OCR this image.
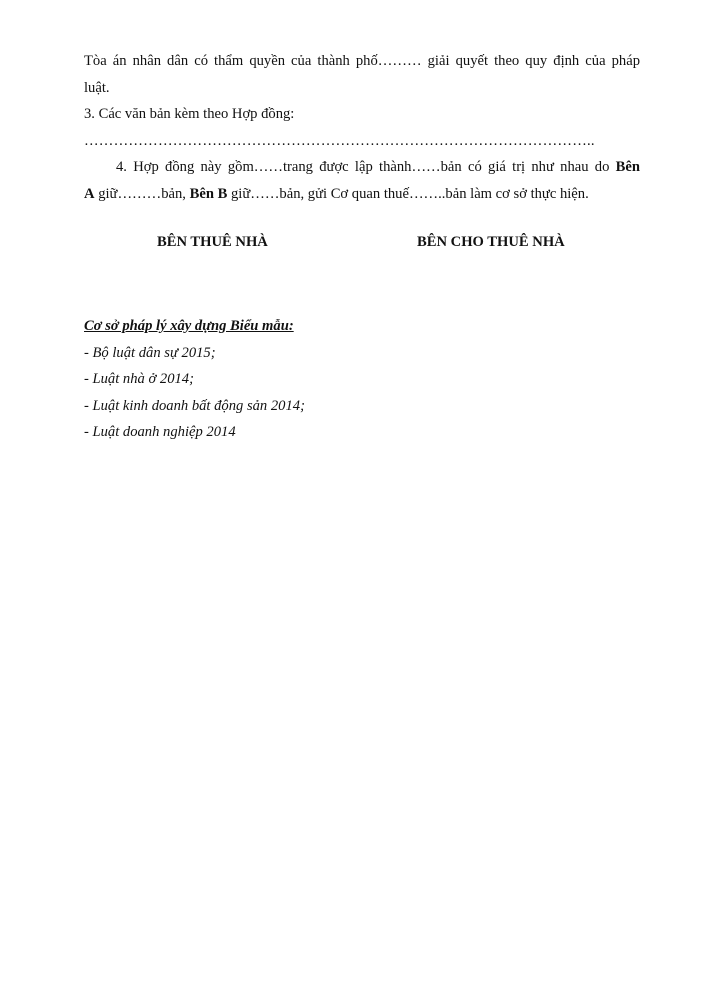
Tòa án nhân dân có thẩm quyền của thành phố……… giải quyết theo quy định của pháp
luật.
3. Các văn bản kèm theo Hợp đồng:
…………………………………………………………………………………………..
4. Hợp đồng này gồm……trang được lập thành……bản có giá trị như nhau do Bên
A giữ………bản, Bên B giữ……bản, gửi Cơ quan thuế……..bản làm cơ sở thực hiện.
BÊN THUÊ NHÀ	BÊN CHO THUÊ NHÀ
Cơ sở pháp lý xây dựng Biểu mẫu:
- Bộ luật dân sự 2015;
- Luật nhà ở 2014;
- Luật kinh doanh bất động sản 2014;
- Luật doanh nghiệp 2014
